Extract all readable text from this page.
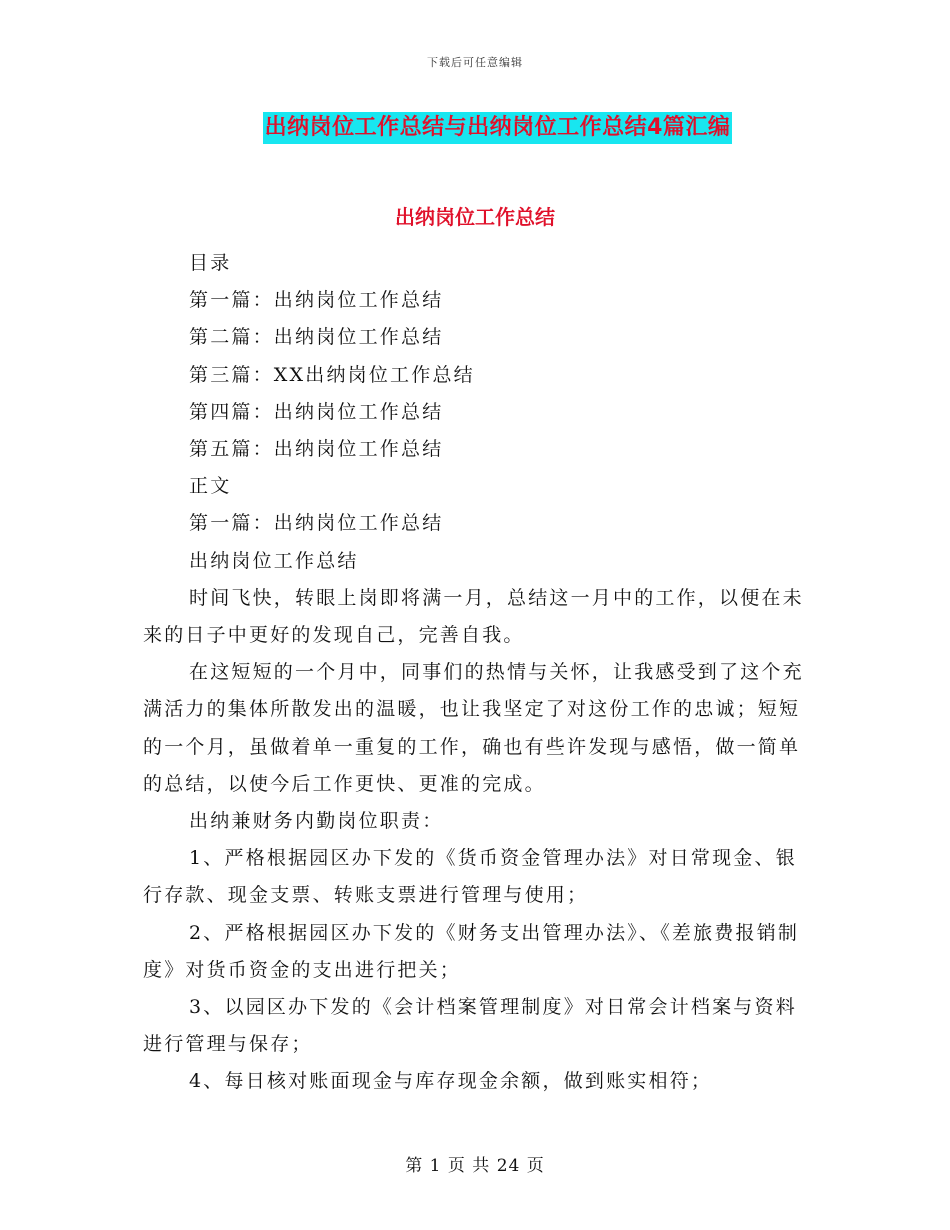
下载后可任意编辑
出纳岗位工作总结与出纳岗位工作总结4篇汇编
出纳岗位工作总结

目录

第一篇：出纳岗位工作总结

第二篇：出纳岗位工作总结

第三篇：XX出纳岗位工作总结

第四篇：出纳岗位工作总结

第五篇：出纳岗位工作总结

正文

第一篇：出纳岗位工作总结

出纳岗位工作总结

时间飞快，转眼上岗即将满一月，总结这一月中的工作，以便在未来的日子中更好的发现自己，完善自我。

在这短短的一个月中，同事们的热情与关怀，让我感受到了这个充满活力的集体所散发出的温暖，也让我坚定了对这份工作的忠诚；短短的一个月，虽做着单一重复的工作，确也有些许发现与感悟，做一简单的总结，以使今后工作更快、更准的完成。

出纳兼财务内勤岗位职责：

1、严格根据园区办下发的《货币资金管理办法》对日常现金、银行存款、现金支票、转账支票进行管理与使用；

2、严格根据园区办下发的《财务支出管理办法》、《差旅费报销制度》对货币资金的支出进行把关；

3、以园区办下发的《会计档案管理制度》对日常会计档案与资料进行管理与保存；

4、每日核对账面现金与库存现金余额，做到账实相符；

第 1 页 共 24 页
